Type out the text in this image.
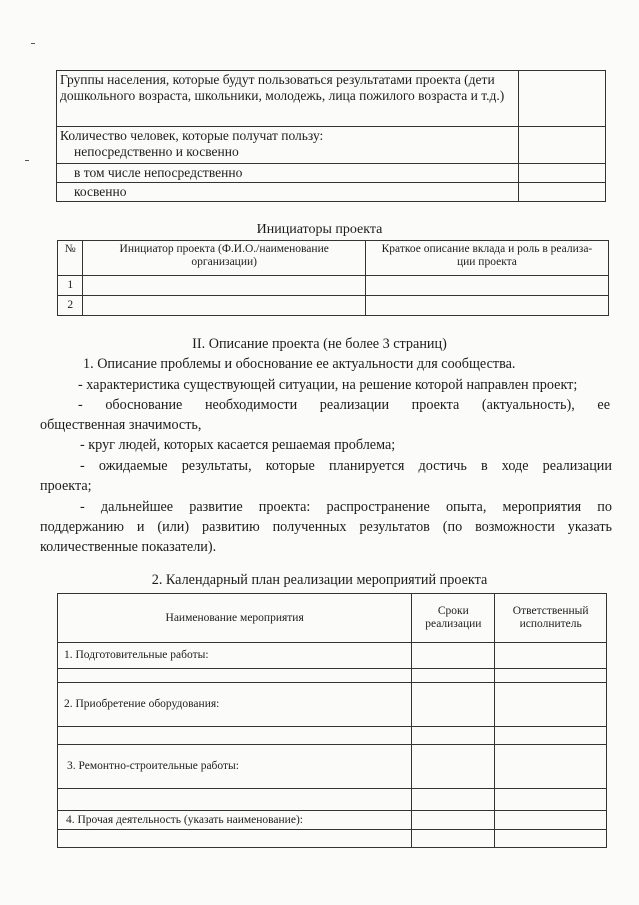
Группы населения, которые будут пользоваться результатами проекта (дети дошкольного возраста, школьники, молодежь, лица пожилого возраста и т.д.)	

Количество человек, которые получат пользу:
непосредственно и косвенно	

в том числе непосредственно	
косвенно	
Инициаторы проекта
№	Инициатор проекта (Ф.И.О./наименование организации)	Краткое описание вклада и роль в реализа-ции проекта
1		
2		
II. Описание проекта (не более 3 страниц)
1. Описание проблемы и обоснование ее актуальности для сообщества.
- характеристика существующей ситуации, на решение которой направлен проект;
- обоснование необходимости реализации проекта (актуальность), ее
общественная значимость,
- круг людей, которых касается решаемая проблема;
- ожидаемые результаты, которые планируется достичь в ходе реализации
проекта;
- дальнейшее развитие проекта: распространение опыта, мероприятия по
поддержанию и (или) развитию полученных результатов (по возможности указать
количественные показатели).
2. Календарный план реализации мероприятий проекта
Наименование мероприятия	Сроки реализации	Ответственный исполнитель
1. Подготовительные работы:		

2. Приобретение оборудования:		

3. Ремонтно-строительные работы:		

4. Прочая деятельность (указать наименование):		
